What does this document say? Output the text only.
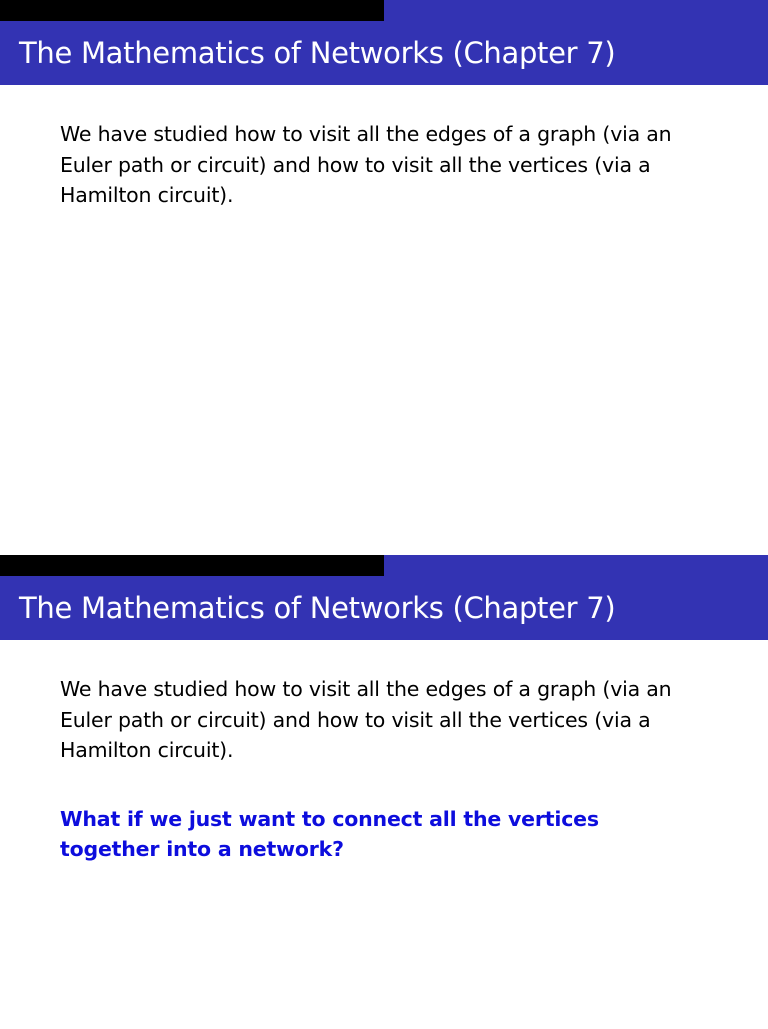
The Mathematics of Networks (Chapter 7)

We have studied how to visit all the edges of a graph (via an
Euler path or circuit) and how to visit all the vertices (via a
Hamilton circuit).

The Mathematics of Networks (Chapter 7)

We have studied how to visit all the edges of a graph (via an
Euler path or circuit) and how to visit all the vertices (via a
Hamilton circuit).

What if we just want to connect all the vertices
together into a network?
